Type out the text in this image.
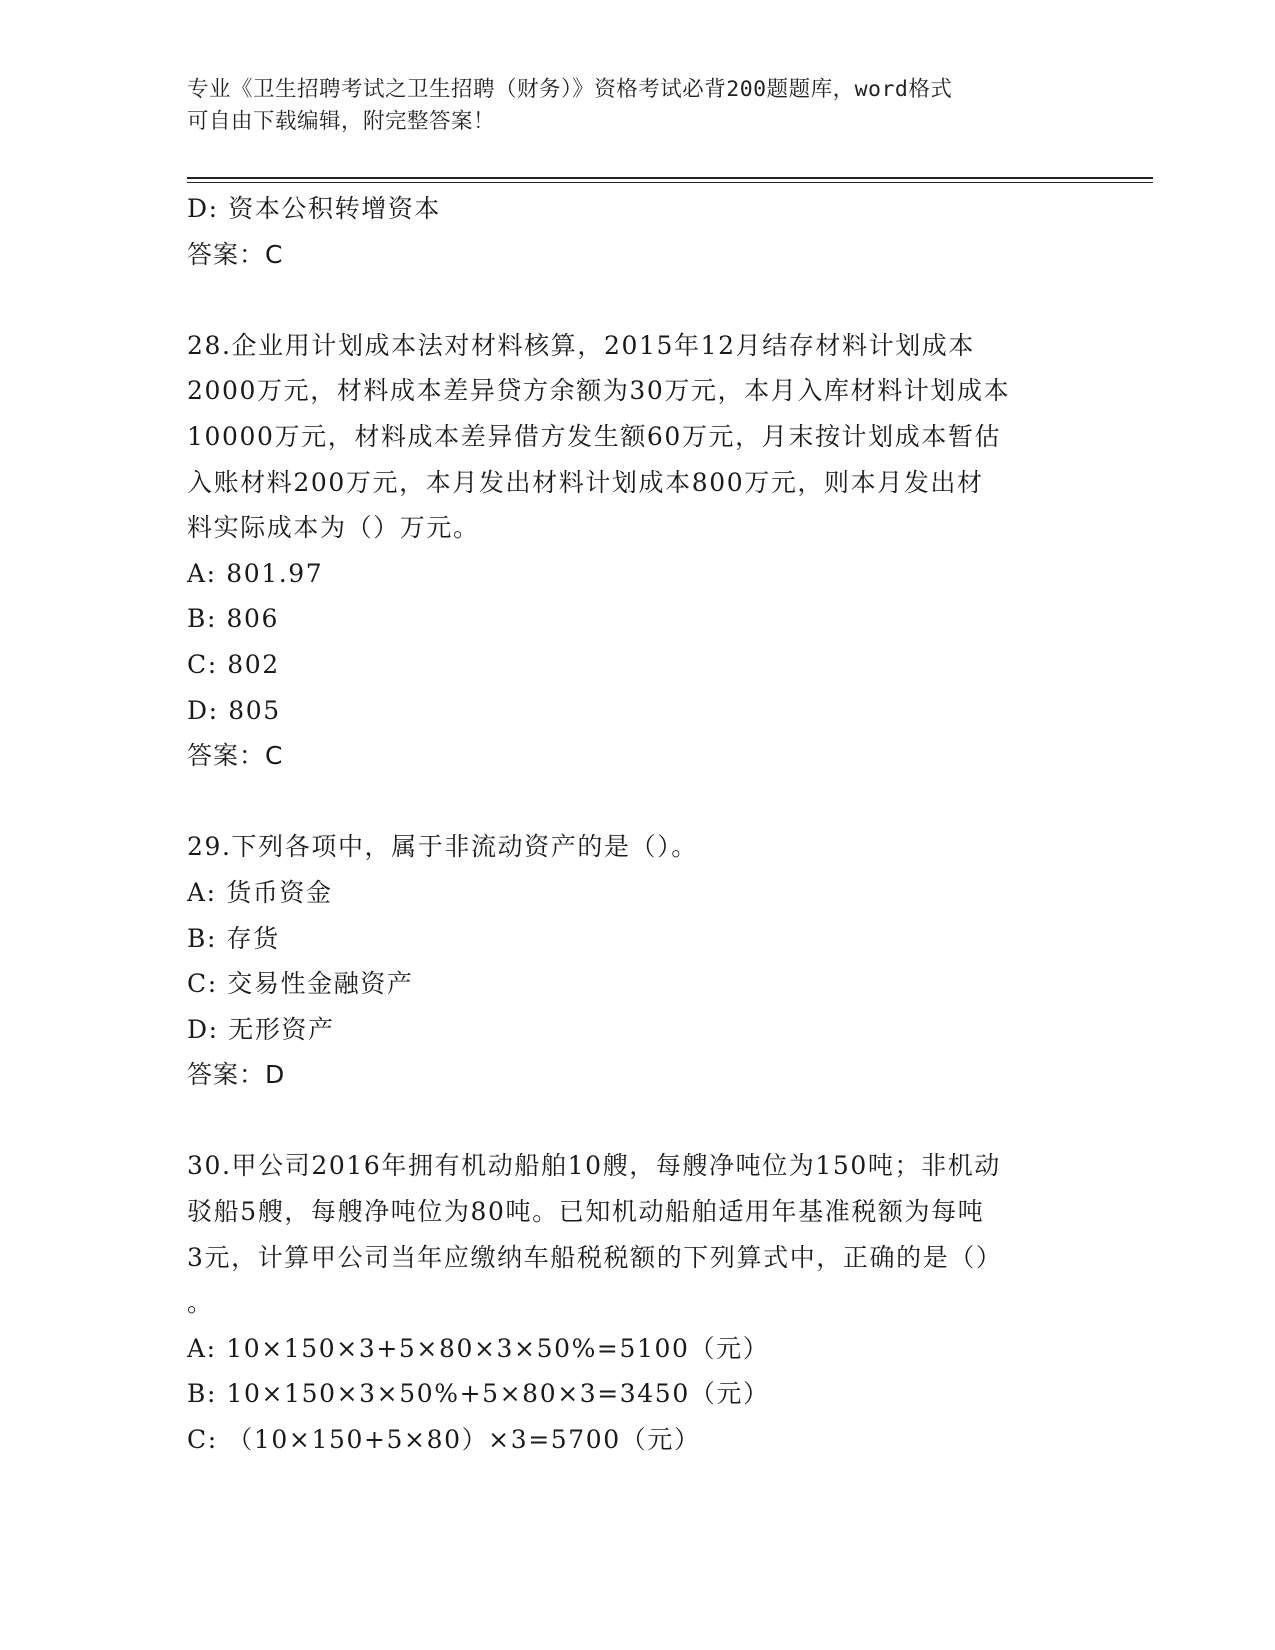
专业《卫生招聘考试之卫生招聘（财务）》资格考试必背200题题库，word格式
可自由下载编辑，附完整答案！
D: 资本公积转增资本
答案：C
28.企业用计划成本法对材料核算，2015年12月结存材料计划成本
2000万元，材料成本差异贷方余额为30万元，本月入库材料计划成本
10000万元，材料成本差异借方发生额60万元，月末按计划成本暂估
入账材料200万元，本月发出材料计划成本800万元，则本月发出材
料实际成本为（）万元。
A: 801.97
B: 806
C: 802
D: 805
答案：C
29.下列各项中，属于非流动资产的是（）。
A: 货币资金
B: 存货
C: 交易性金融资产
D: 无形资产
答案：D
30.甲公司2016年拥有机动船舶10艘，每艘净吨位为150吨；非机动
驳船5艘，每艘净吨位为80吨。已知机动船舶适用年基准税额为每吨
3元，计算甲公司当年应缴纳车船税税额的下列算式中，正确的是（）
。
A: 10×150×3+5×80×3×50%=5100（元）
B: 10×150×3×50%+5×80×3=3450（元）
C: （10×150+5×80）×3=5700（元）
